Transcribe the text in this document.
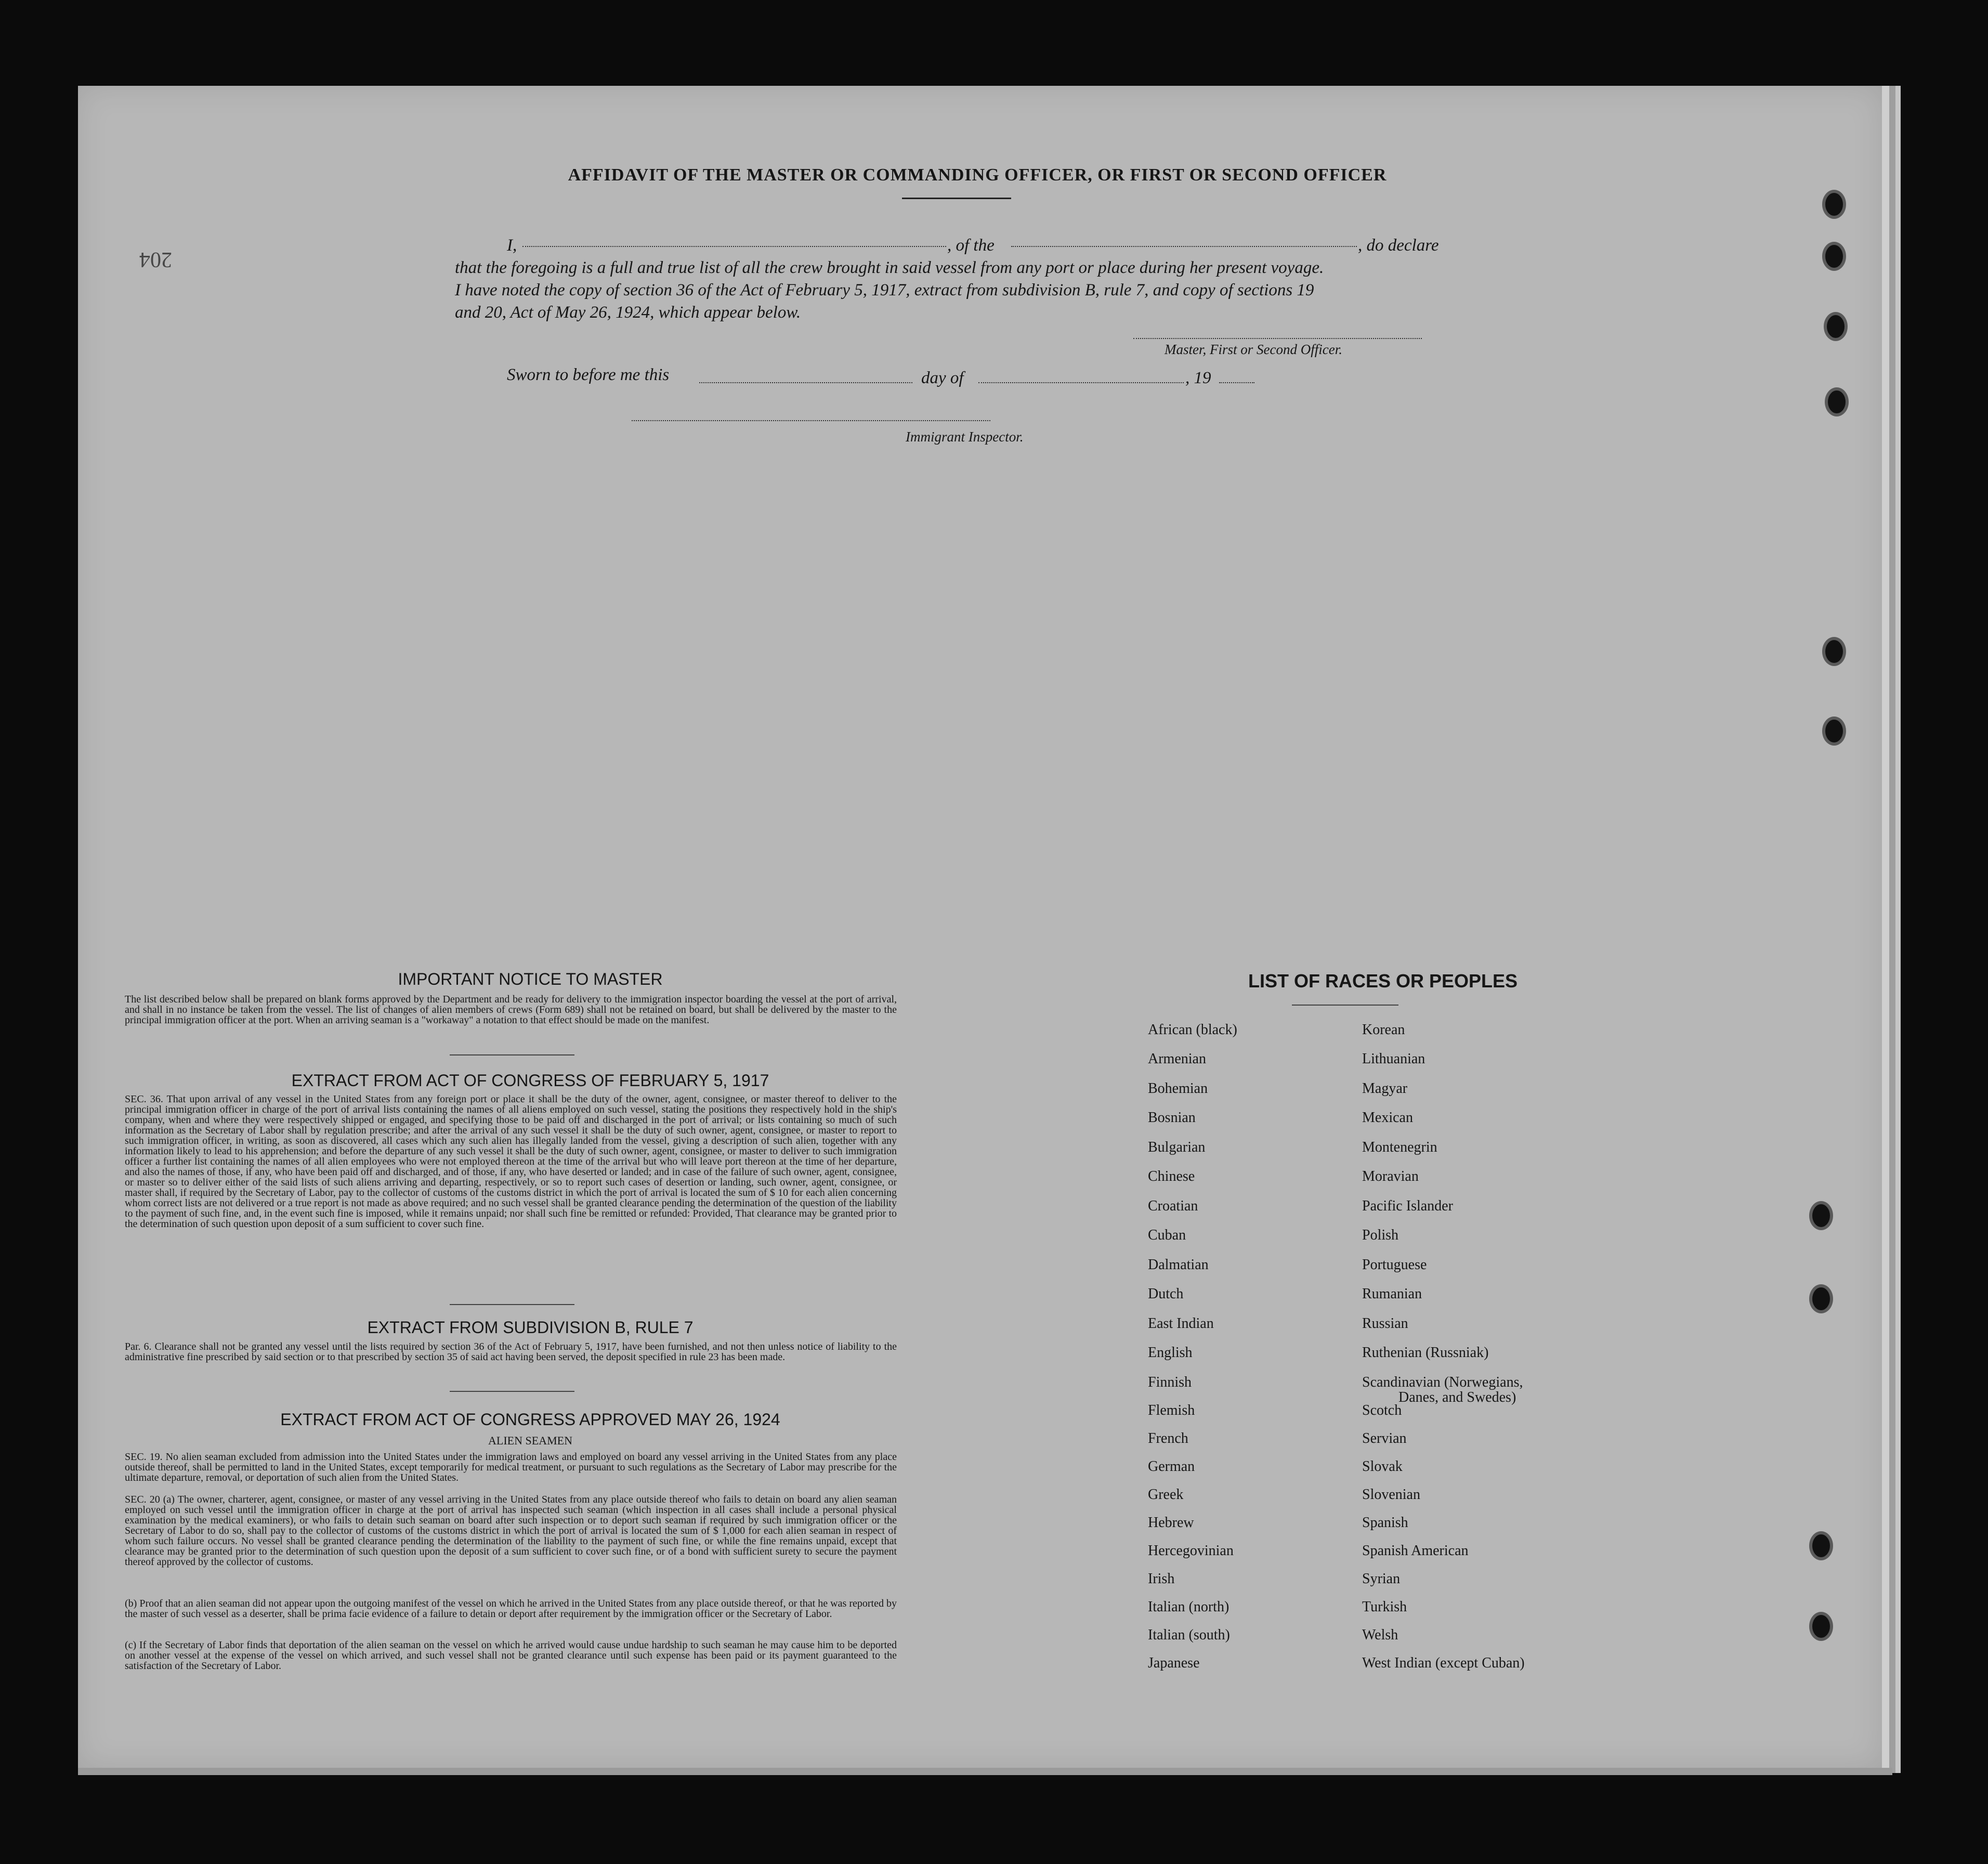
204
AFFIDAVIT OF THE MASTER OR COMMANDING OFFICER, OR FIRST OR SECOND OFFICER
I,	, of the	, do declare
that the foregoing is a full and true list of all the crew brought in said vessel from any port or place during her present voyage.
I have noted the copy of section 36 of the Act of February 5, 1917, extract from subdivision B, rule 7, and copy of sections 19
and 20, Act of May 26, 1924, which appear below.
Master, First or Second Officer.
Sworn to before me this	day of	, 19
Immigrant Inspector.
IMPORTANT NOTICE TO MASTER
The list described below shall be prepared on blank forms approved by the Department and be ready for delivery to the immigration inspector boarding the vessel at the port of arrival, and shall in no instance be taken from the vessel. The list of changes of alien members of crews (Form 689) shall not be retained on board, but shall be delivered by the master to the principal immigration officer at the port. When an arriving seaman is a "workaway" a notation to that effect should be made on the manifest.
EXTRACT FROM ACT OF CONGRESS OF FEBRUARY 5, 1917
SEC. 36. That upon arrival of any vessel in the United States from any foreign port or place it shall be the duty of the owner, agent, consignee, or master thereof to deliver to the principal immigration officer in charge of the port of arrival lists containing the names of all aliens employed on such vessel, stating the positions they respectively hold in the ship's company, when and where they were respectively shipped or engaged, and specifying those to be paid off and discharged in the port of arrival; or lists containing so much of such information as the Secretary of Labor shall by regulation prescribe; and after the arrival of any such vessel it shall be the duty of such owner, agent, consignee, or master to report to such immigration officer, in writing, as soon as discovered, all cases which any such alien has illegally landed from the vessel, giving a description of such alien, together with any information likely to lead to his apprehension; and before the departure of any such vessel it shall be the duty of such owner, agent, consignee, or master to deliver to such immigration officer a further list containing the names of all alien employees who were not employed thereon at the time of the arrival but who will leave port thereon at the time of her departure, and also the names of those, if any, who have been paid off and discharged, and of those, if any, who have deserted or landed; and in case of the failure of such owner, agent, consignee, or master so to deliver either of the said lists of such aliens arriving and departing, respectively, or so to report such cases of desertion or landing, such owner, agent, consignee, or master shall, if required by the Secretary of Labor, pay to the collector of customs of the customs district in which the port of arrival is located the sum of $ 10 for each alien concerning whom correct lists are not delivered or a true report is not made as above required; and no such vessel shall be granted clearance pending the determination of the question of the liability to the payment of such fine, and, in the event such fine is imposed, while it remains unpaid; nor shall such fine be remitted or refunded: Provided, That clearance may be granted prior to the determination of such question upon deposit of a sum sufficient to cover such fine.
EXTRACT FROM SUBDIVISION B, RULE 7
Par. 6. Clearance shall not be granted any vessel until the lists required by section 36 of the Act of February 5, 1917, have been furnished, and not then unless notice of liability to the administrative fine prescribed by said section or to that prescribed by section 35 of said act having been served, the deposit specified in rule 23 has been made.
EXTRACT FROM ACT OF CONGRESS APPROVED MAY 26, 1924
ALIEN SEAMEN
SEC. 19. No alien seaman excluded from admission into the United States under the immigration laws and employed on board any vessel arriving in the United States from any place outside thereof, shall be permitted to land in the United States, except temporarily for medical treatment, or pursuant to such regulations as the Secretary of Labor may prescribe for the ultimate departure, removal, or deportation of such alien from the United States.
SEC. 20 (a) The owner, charterer, agent, consignee, or master of any vessel arriving in the United States from any place outside thereof who fails to detain on board any alien seaman employed on such vessel until the immigration officer in charge at the port of arrival has inspected such seaman (which inspection in all cases shall include a personal physical examination by the medical examiners), or who fails to detain such seaman on board after such inspection or to deport such seaman if required by such immigration officer or the Secretary of Labor to do so, shall pay to the collector of customs of the customs district in which the port of arrival is located the sum of $ 1,000 for each alien seaman in respect of whom such failure occurs. No vessel shall be granted clearance pending the determination of the liability to the payment of such fine, or while the fine remains unpaid, except that clearance may be granted prior to the determination of such question upon the deposit of a sum sufficient to cover such fine, or of a bond with sufficient surety to secure the payment thereof approved by the collector of customs.
(b) Proof that an alien seaman did not appear upon the outgoing manifest of the vessel on which he arrived in the United States from any place outside thereof, or that he was reported by the master of such vessel as a deserter, shall be prima facie evidence of a failure to detain or deport after requirement by the immigration officer or the Secretary of Labor.
(c) If the Secretary of Labor finds that deportation of the alien seaman on the vessel on which he arrived would cause undue hardship to such seaman he may cause him to be deported on another vessel at the expense of the vessel on which arrived, and such vessel shall not be granted clearance until such expense has been paid or its payment guaranteed to the satisfaction of the Secretary of Labor.
LIST OF RACES OR PEOPLES
African (black)
Armenian
Bohemian
Bosnian
Bulgarian
Chinese
Croatian
Cuban
Dalmatian
Dutch
East Indian
English
Finnish
Flemish
French
German
Greek
Hebrew
Hercegovinian
Irish
Italian (north)
Italian (south)
Japanese
Korean
Lithuanian
Magyar
Mexican
Montenegrin
Moravian
Pacific Islander
Polish
Portuguese
Rumanian
Russian
Ruthenian (Russniak)
Scandinavian (Norwegians,
Scotch
Servian
Slovak
Slovenian
Spanish
Spanish American
Syrian
Turkish
Welsh
West Indian (except Cuban)
Danes, and Swedes)
